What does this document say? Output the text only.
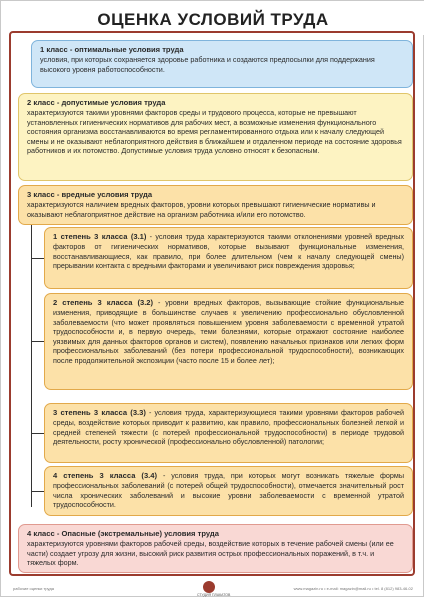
ОЦЕНКА УСЛОВИЙ ТРУДА
1 класс - оптимальные условия труда
условия, при которых сохраняется здоровье работника и создаются предпосылки для поддержания высокого уровня работоспособности.
2 класс - допустимые условия труда
характеризуются такими уровнями факторов среды и трудового процесса, которые не превышают установленных гигиенических нормативов для рабочих мест, а возможные изменения функционального состояния организма восстанавливаются во время регламентированного отдыха или к началу следующей смены и не оказывают неблагоприятного действия в ближайшем и отдаленном периоде на состояние здоровья работников и их потомство. Допустимые условия труда условно относят к безопасным.
3 класс - вредные условия труда
характеризуются наличием вредных факторов, уровни которых превышают гигиенические нормативы и оказывают неблагоприятное действие на организм работника и/или его потомство.
1 степень 3 класса (3.1) - условия труда характеризуются такими отклонениями уровней вредных факторов от гигиенических нормативов, которые вызывают функциональные изменения, восстанавливающиеся, как правило, при более длительном (чем к началу следующей смены) прерывании контакта с вредными факторами и увеличивают риск повреждения здоровья;
2 степень 3 класса (3.2) - уровни вредных факторов, вызывающие стойкие функциональные изменения, приводящие в большинстве случаев к увеличению профессионально обусловленной заболеваемости (что может проявляться повышением уровня заболеваемости с временной утратой трудоспособности и, в первую очередь, теми болезнями, которые отражают состояние наиболее уязвимых для данных факторов органов и систем), появлению начальных признаков или легких форм профессиональных заболеваний (без потери профессиональной трудоспособности), возникающих после продолжительной экспозиции (часто после 15 и более лет);
3 степень 3 класса (3.3) - условия труда, характеризующиеся такими уровнями факторов рабочей среды, воздействие которых приводит к развитию, как правило, профессиональных болезней легкой и средней степеней тяжести (с потерей профессиональной трудоспособности) в периоде трудовой деятельности, росту хронической (профессионально обусловленной) патологии;
4 степень 3 класса (3.4) - условия труда, при которых могут возникать тяжелые формы профессиональных заболеваний (с потерей общей трудоспособности), отмечается значительный рост числа хронических заболеваний и высокие уровни заболеваемости с временной утратой трудоспособности.
4 класс - Опасные (экстремальные) условия труда
характеризуются уровнями факторов рабочей среды, воздействие которых в течение рабочей смены (или ее части) создает угрозу для жизни, высокий риск развития острых профессиональных поражений, в т.ч. и тяжелых форм.
рабочие оценки труда
СТУДИЯ ПЛАКАТОВ
www.magazin.ru • e-mail: magazin@mail.ru • tel. 8 (812) 983-46-02
